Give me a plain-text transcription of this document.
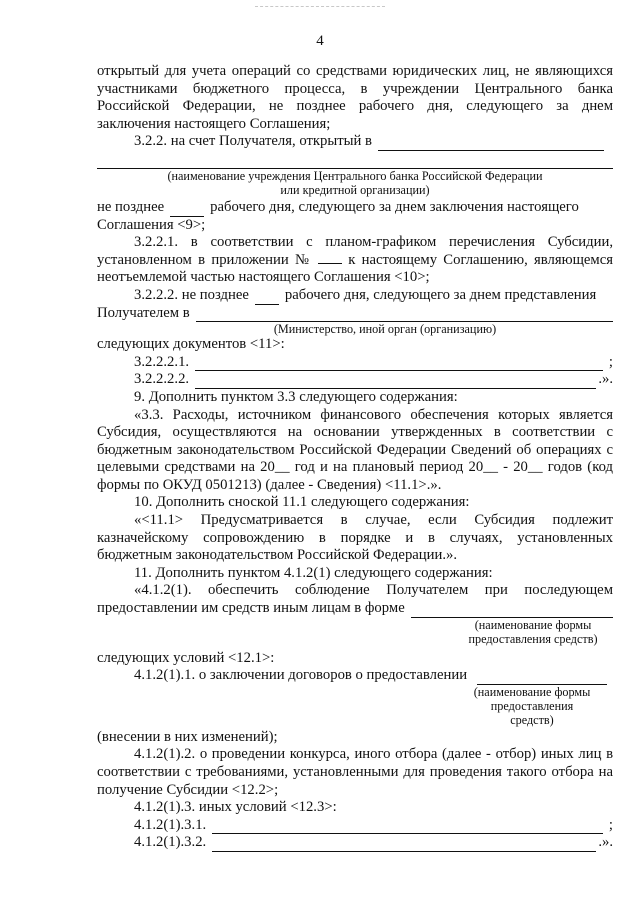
4

открытый для учета операций со средствами юридических лиц, не являющихся участниками бюджетного процесса, в учреждении Центрального банка Российской Федерации, не позднее рабочего дня, следующего за днем заключения настоящего Соглашения;

3.2.2. на счет Получателя, открытый в

(наименование учреждения Центрального банка Российской Федерации
или кредитной организации)

не позднее	рабочего дня, следующего за днем заключения настоящего

Соглашения <9>;

3.2.2.1. в соответствии с планом-графиком перечисления Субсидии, установленном в приложении № к настоящему Соглашению, являющемся неотъемлемой частью настоящего Соглашения <10>;

3.2.2.2. не позднее рабочего дня, следующего за днем представления

Получателем в

(Министерство, иной орган (организацию)

следующих документов <11>:

3.2.2.2.1.	;

3.2.2.2.2.	.».

9. Дополнить пунктом 3.3 следующего содержания:

«3.3. Расходы, источником финансового обеспечения которых является Субсидия, осуществляются на основании утвержденных в соответствии с бюджетным законодательством Российской Федерации Сведений об операциях с целевыми средствами на 20__ год и на плановый период 20__ - 20__ годов (код формы по ОКУД 0501213) (далее - Сведения) <11.1>.».

10. Дополнить сноской 11.1 следующего содержания:

«<11.1> Предусматривается в случае, если Субсидия подлежит казначейскому сопровождению в порядке и в случаях, установленных бюджетным законодательством Российской Федерации.».

11. Дополнить пунктом 4.1.2(1) следующего содержания:

«4.1.2(1). обеспечить соблюдение Получателем при последующем

предоставлении им средств иным лицам в форме

(наименование формы
предоставления средств)

следующих условий <12.1>:

4.1.2(1).1. о заключении договоров о предоставлении

(наименование формы
предоставления
средств)

(внесении в них изменений);

4.1.2(1).2. о проведении конкурса, иного отбора (далее - отбор) иных лиц в соответствии с требованиями, установленными для проведения такого отбора на получение Субсидии <12.2>;

4.1.2(1).3. иных условий <12.3>:

4.1.2(1).3.1.	;

4.1.2(1).3.2.	.».
